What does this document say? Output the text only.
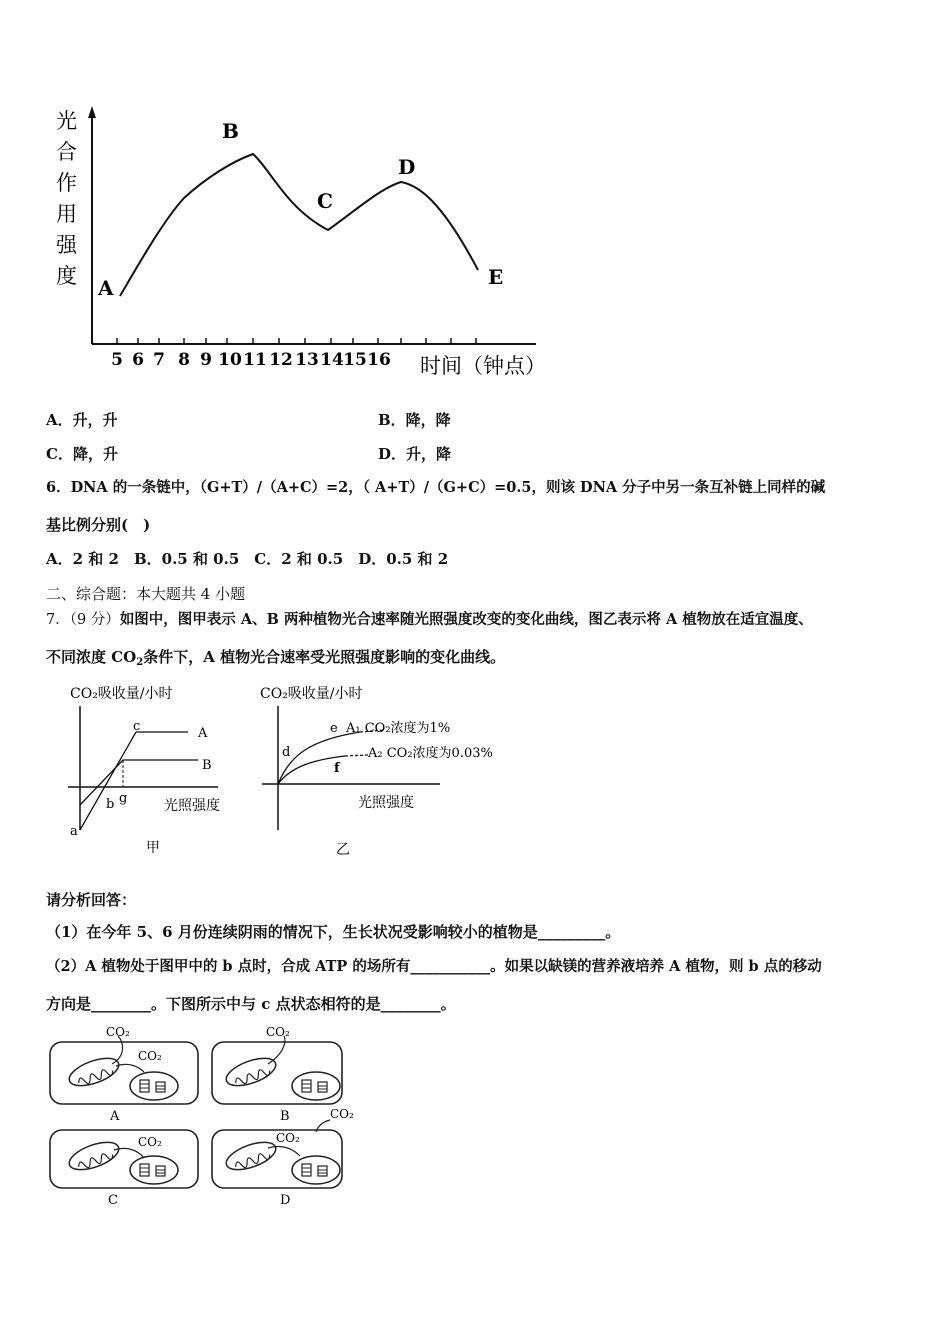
光
合
作
用
强
度
5 6 7 8 9 10 11 12 13 14 15 16 时间（钟点）
A
B
C
D
E
A．升，升	B．降，降
C．降，升	D．升，降
6．DNA 的一条链中，（G+T）/（A+C）=2，（ A+T）/（G+C）=0.5，则该 DNA 分子中另一条互补链上同样的碱
基比例分别(　)
A．2 和 2　B．0.5 和 0.5　C．2 和 0.5　D．0.5 和 2
二、综合题：本大题共 4 小题
7．（9 分）如图中，图甲表示 A、B 两种植物光合速率随光照强度改变的变化曲线，图乙表示将 A 植物放在适宜温度、
不同浓度 $CO_2$条件下，A 植物光合速率受光照强度影响的变化曲线。
CO₂吸收量/小时
a
b
c
g
A
B
光照强度
甲
CO₂吸收量/小时
d
e
f
A₁ CO₂浓度为1%
A₂ CO₂浓度为0.03%
光照强度
乙
请分析回答：
（1）在今年 5、6 月份连续阴雨的情况下，生长状况受影响较小的植物是_________。
（2）A 植物处于图甲中的 b 点时，合成 ATP 的场所有___________。如果以缺镁的营养液培养 A 植物，则 b 点的移动
方向是________。下图所示中与 c 点状态相符的是________。
CO₂
CO₂
A
CO₂
B
CO₂
C
CO₂
CO₂
D
